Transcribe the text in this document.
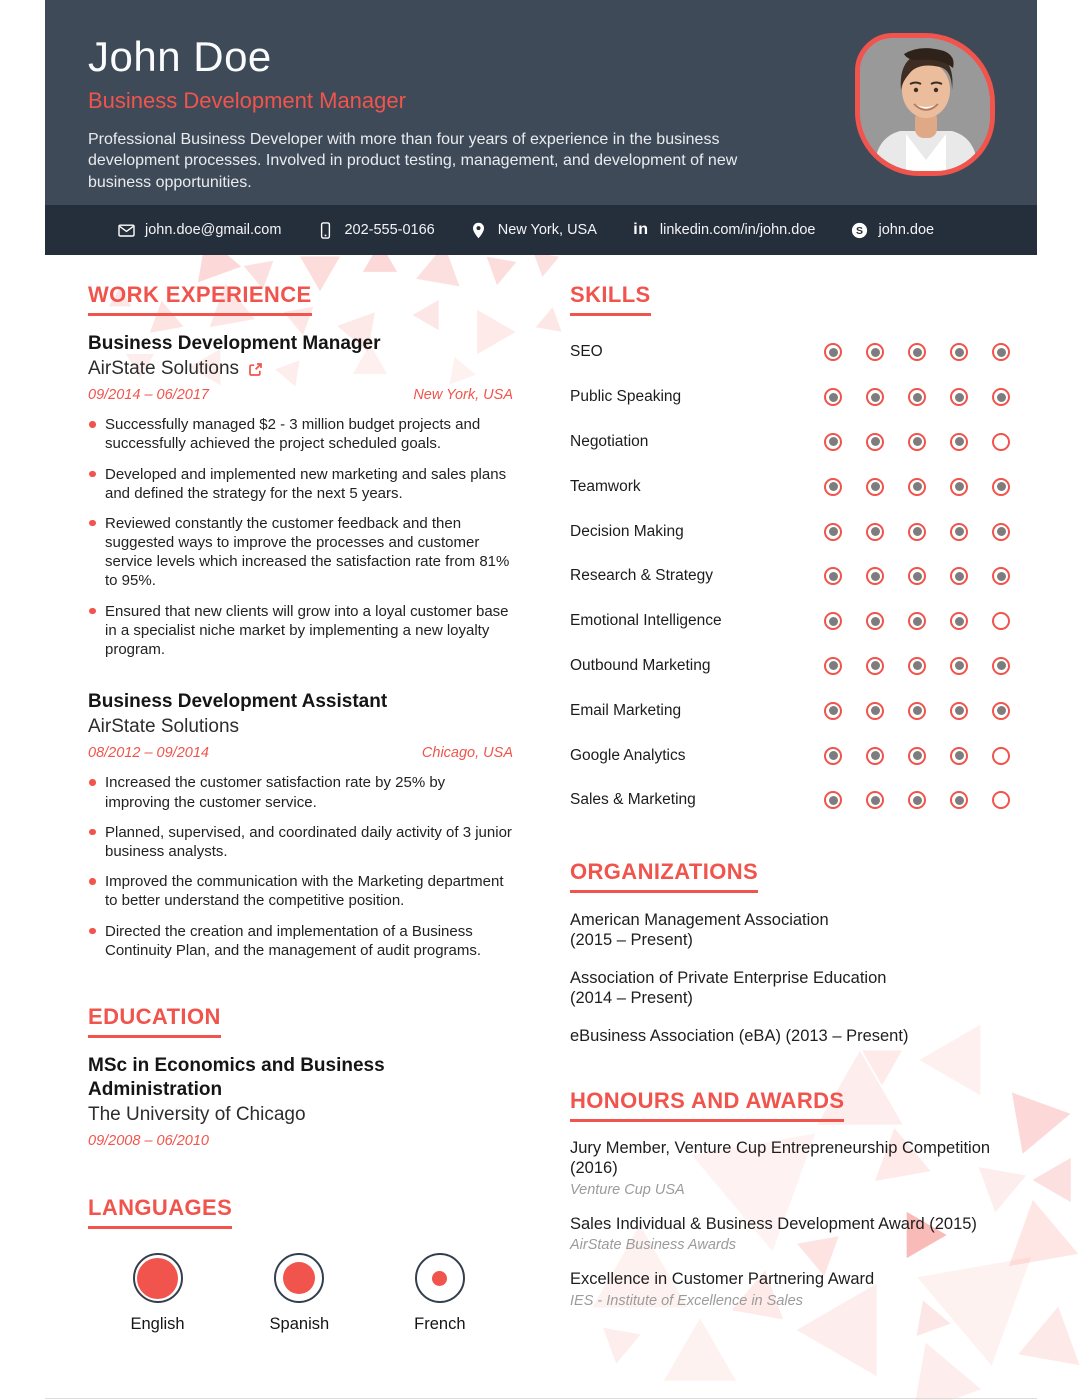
John Doe
Business Development Manager

Professional Business Developer with more than four years of experience in the business development processes. Involved in product testing, management, and development of new business opportunities.

john.doe@gmail.com	202-555-0166	New York, USA in linkedin.com/in/john.doe	S john.doe
WORK EXPERIENCE
Business Development Manager
AirState Solutions
09/2014 – 06/2017	New York, USA
Successfully managed $2 - 3 million budget projects and successfully achieved the project scheduled goals.
Developed and implemented new marketing and sales plans and defined the strategy for the next 5 years.
Reviewed constantly the customer feedback and then suggested ways to improve the processes and customer service levels which increased the satisfaction rate from 81% to 95%.
Ensured that new clients will grow into a loyal customer base in a specialist niche market by implementing a new loyalty program.
Business Development Assistant
AirState Solutions
08/2012 – 09/2014	Chicago, USA
Increased the customer satisfaction rate by 25% by improving the customer service.
Planned, supervised, and coordinated daily activity of 3 junior business analysts.
Improved the communication with the Marketing department to better understand the competitive position.
Directed the creation and implementation of a Business Continuity Plan, and the management of audit programs.
EDUCATION
MSc in Economics and Business Administration
The University of Chicago
09/2008 – 06/2010
LANGUAGES
English	Spanish	French
SKILLS
SEO
Public Speaking
Negotiation
Teamwork
Decision Making
Research & Strategy
Emotional Intelligence
Outbound Marketing
Email Marketing
Google Analytics
Sales & Marketing
ORGANIZATIONS
American Management Association
(2015 – Present)
Association of Private Enterprise Education
(2014 – Present)
eBusiness Association (eBA) (2013 – Present)
HONOURS AND AWARDS
Jury Member, Venture Cup Entrepreneurship Competition (2016)
Venture Cup USA
Sales Individual & Business Development Award (2015)
AirState Business Awards
Excellence in Customer Partnering Award
IES - Institute of Excellence in Sales
